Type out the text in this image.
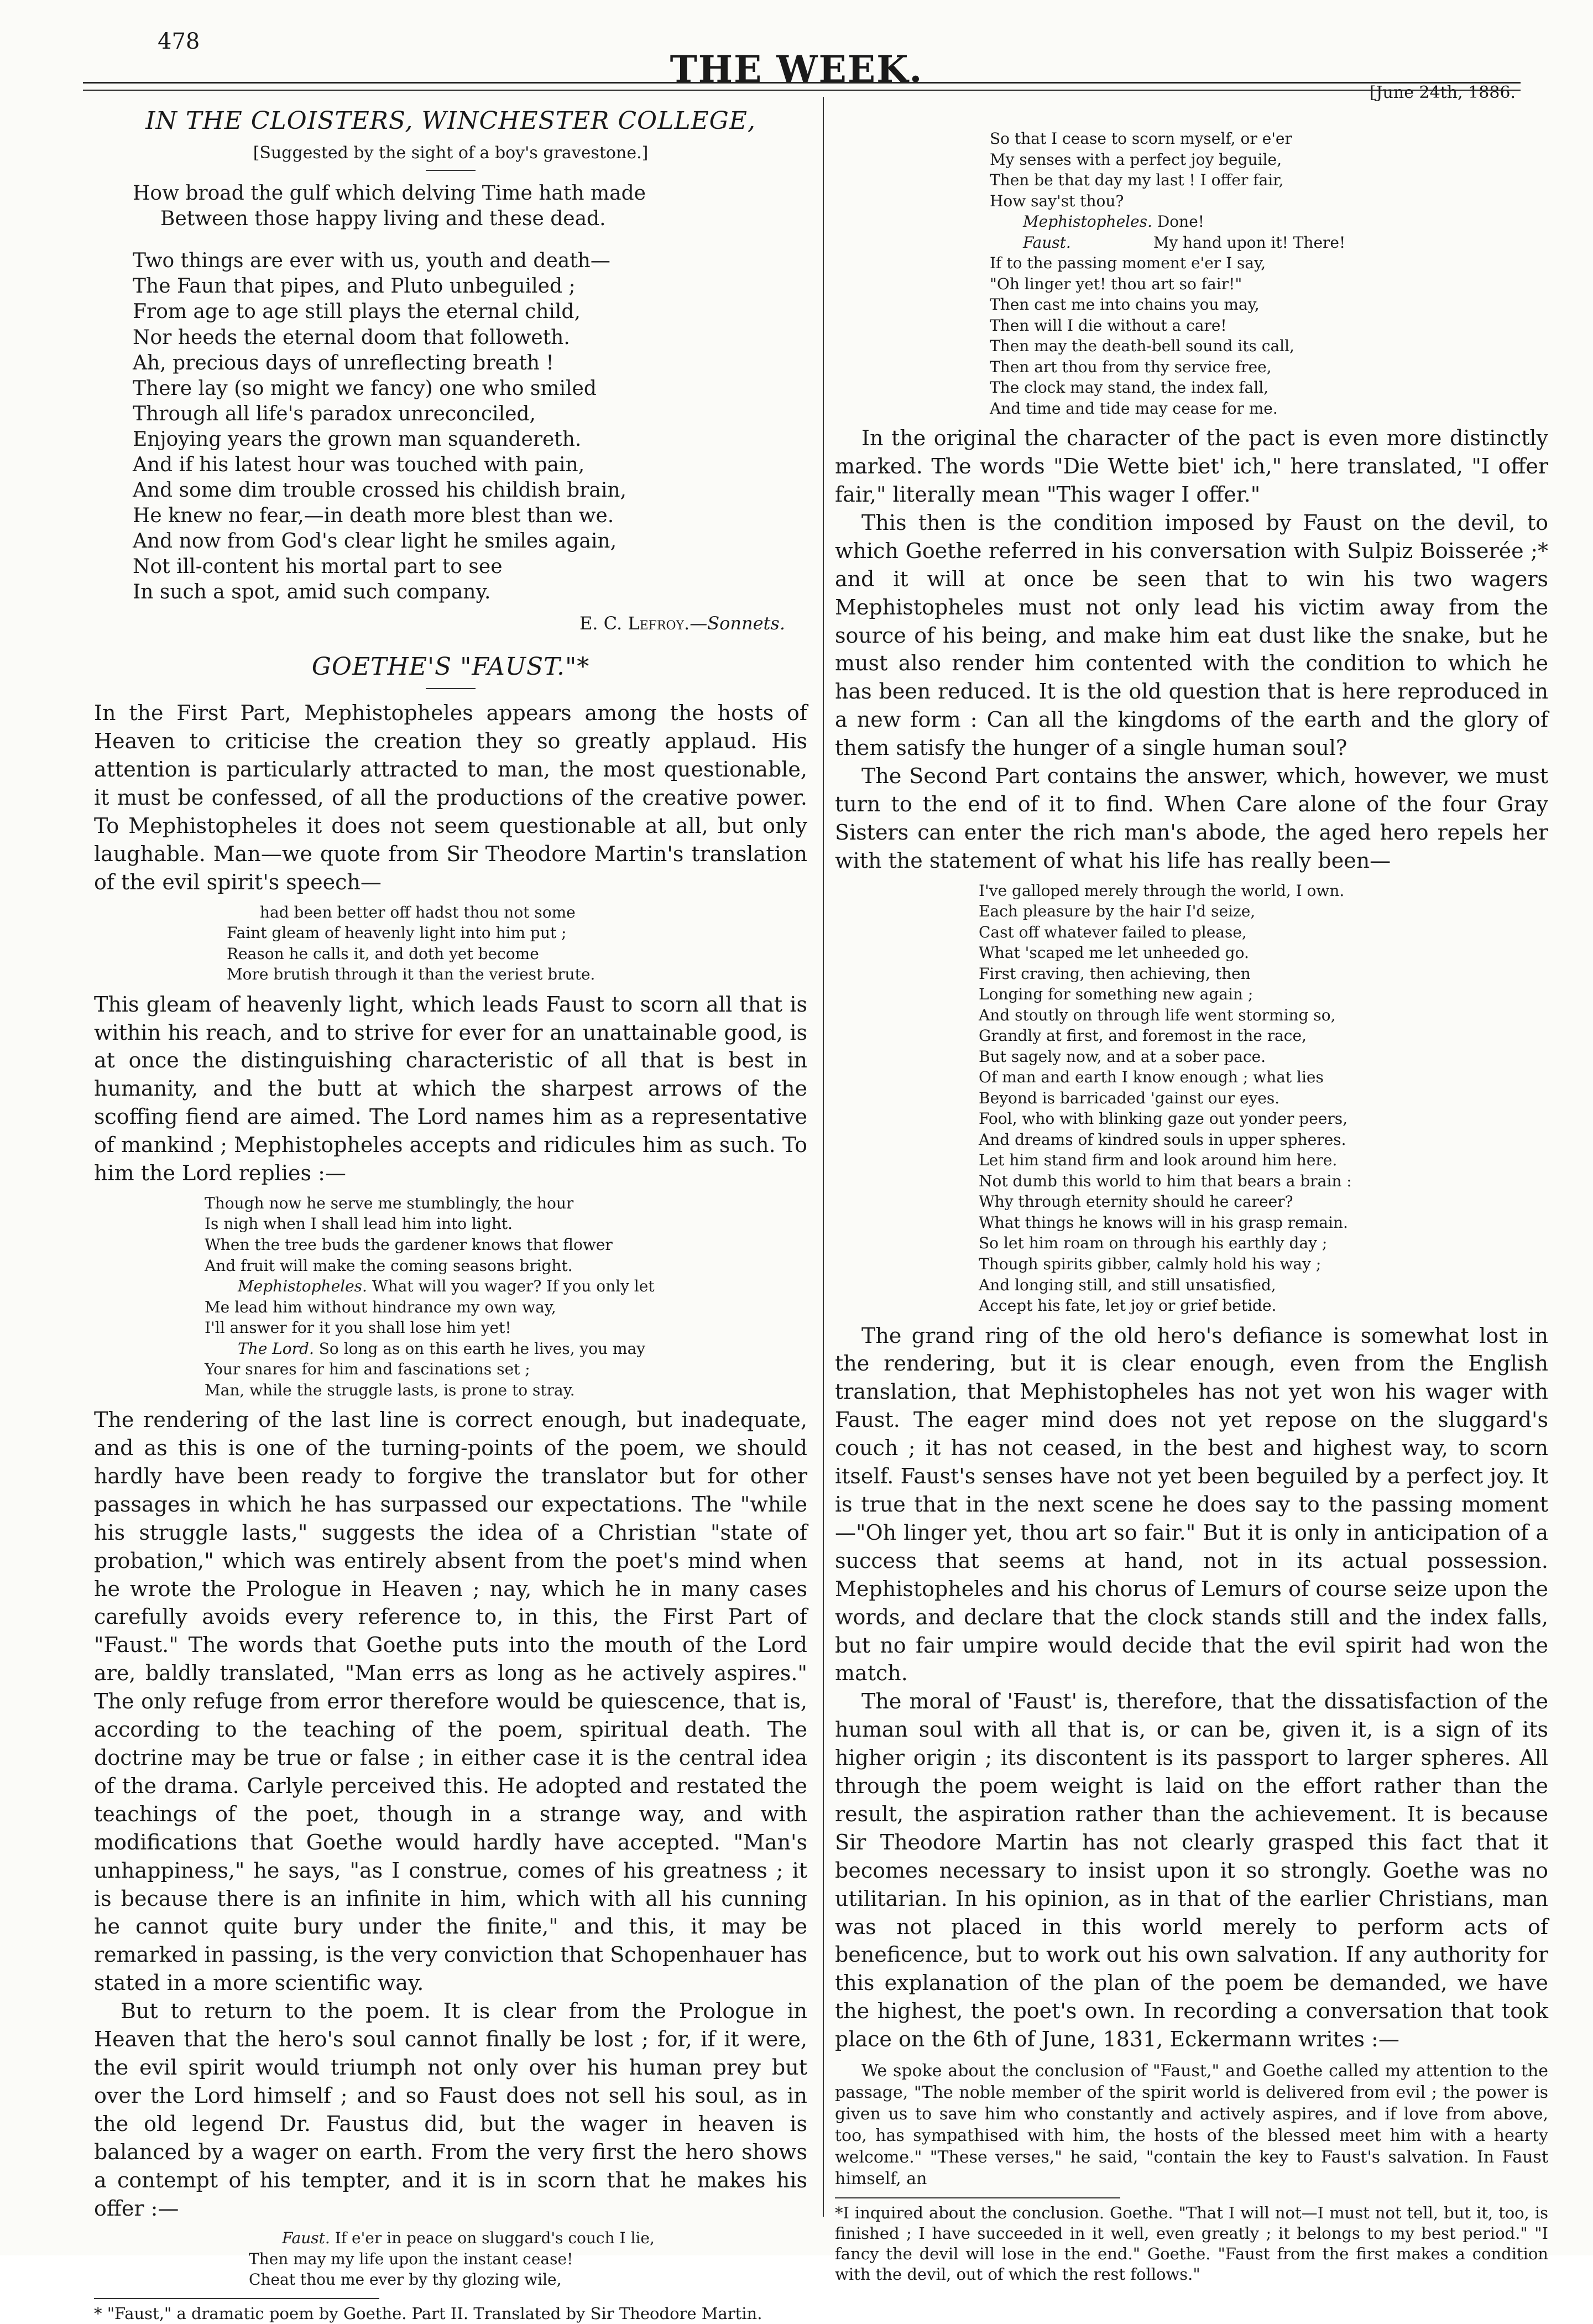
478
THE WEEK.
[June 24th, 1886.
IN THE CLOISTERS, WINCHESTER COLLEGE,
[Suggested by the sight of a boy's gravestone.]
How broad the gulf which delving Time hath made
Between those happy living and these dead.
Two things are ever with us, youth and death—
The Faun that pipes, and Pluto unbeguiled ;
From age to age still plays the eternal child,
Nor heeds the eternal doom that followeth.
Ah, precious days of unreflecting breath !
There lay (so might we fancy) one who smiled
Through all life's paradox unreconciled,
Enjoying years the grown man squandereth.
And if his latest hour was touched with pain,
And some dim trouble crossed his childish brain,
He knew no fear,—in death more blest than we.
And now from God's clear light he smiles again,
Not ill-content his mortal part to see
In such a spot, amid such company.
E. C. Lefroy.—Sonnets.
GOETHE'S "FAUST."*

In the First Part, Mephistopheles appears among the hosts of Heaven to criticise the creation they so greatly applaud. His attention is particularly attracted to man, the most questionable, it must be confessed, of all the productions of the creative power. To Mephistopheles it does not seem questionable at all, but only laughable. Man—we quote from Sir Theodore Martin's translation of the evil spirit's speech—

had been better off hadst thou not some
Faint gleam of heavenly light into him put ;
Reason he calls it, and doth yet become
More brutish through it than the veriest brute.

This gleam of heavenly light, which leads Faust to scorn all that is within his reach, and to strive for ever for an unattainable good, is at once the distinguishing characteristic of all that is best in humanity, and the butt at which the sharpest arrows of the scoffing fiend are aimed. The Lord names him as a representative of mankind ; Mephistopheles accepts and ridicules him as such. To him the Lord replies :—

Though now he serve me stumblingly, the hour
Is nigh when I shall lead him into light.
When the tree buds the gardener knows that flower
And fruit will make the coming seasons bright.
Mephistopheles. What will you wager? If you only let
Me lead him without hindrance my own way,
I'll answer for it you shall lose him yet!
The Lord. So long as on this earth he lives, you may
Your snares for him and fascinations set ;
Man, while the struggle lasts, is prone to stray.

The rendering of the last line is correct enough, but inadequate, and as this is one of the turning-points of the poem, we should hardly have been ready to forgive the translator but for other passages in which he has surpassed our expectations. The "while his struggle lasts," suggests the idea of a Christian "state of probation," which was entirely absent from the poet's mind when he wrote the Prologue in Heaven ; nay, which he in many cases carefully avoids every reference to, in this, the First Part of "Faust." The words that Goethe puts into the mouth of the Lord are, baldly translated, "Man errs as long as he actively aspires." The only refuge from error therefore would be quiescence, that is, according to the teaching of the poem, spiritual death. The doctrine may be true or false ; in either case it is the central idea of the drama. Carlyle perceived this. He adopted and restated the teachings of the poet, though in a strange way, and with modifications that Goethe would hardly have accepted. "Man's unhappiness," he says, "as I construe, comes of his greatness ; it is because there is an infinite in him, which with all his cunning he cannot quite bury under the finite," and this, it may be remarked in passing, is the very conviction that Schopenhauer has stated in a more scientific way.

But to return to the poem. It is clear from the Prologue in Heaven that the hero's soul cannot finally be lost ; for, if it were, the evil spirit would triumph not only over his human prey but over the Lord himself ; and so Faust does not sell his soul, as in the old legend Dr. Faustus did, but the wager in heaven is balanced by a wager on earth. From the very first the hero shows a contempt of his tempter, and it is in scorn that he makes his offer :—

Faust. If e'er in peace on sluggard's couch I lie,
Then may my life upon the instant cease!
Cheat thou me ever by thy glozing wile,

* "Faust," a dramatic poem by Goethe. Part II. Translated by Sir Theodore Martin.

So that I cease to scorn myself, or e'er
My senses with a perfect joy beguile,
Then be that day my last ! I offer fair,
How say'st thou?
Mephistopheles. Done!
Faust.	My hand upon it! There!
If to the passing moment e'er I say,
"Oh linger yet! thou art so fair!"
Then cast me into chains you may,
Then will I die without a care!
Then may the death-bell sound its call,
Then art thou from thy service free,
The clock may stand, the index fall,
And time and tide may cease for me.

In the original the character of the pact is even more distinctly marked. The words "Die Wette biet' ich," here translated, "I offer fair," literally mean "This wager I offer."

This then is the condition imposed by Faust on the devil, to which Goethe referred in his conversation with Sulpiz Boisserée ;* and it will at once be seen that to win his two wagers Mephistopheles must not only lead his victim away from the source of his being, and make him eat dust like the snake, but he must also render him contented with the condition to which he has been reduced. It is the old question that is here reproduced in a new form : Can all the kingdoms of the earth and the glory of them satisfy the hunger of a single human soul?

The Second Part contains the answer, which, however, we must turn to the end of it to find. When Care alone of the four Gray Sisters can enter the rich man's abode, the aged hero repels her with the statement of what his life has really been—

I've galloped merely through the world, I own.
Each pleasure by the hair I'd seize,
Cast off whatever failed to please,
What 'scaped me let unheeded go.
First craving, then achieving, then
Longing for something new again ;
And stoutly on through life went storming so,
Grandly at first, and foremost in the race,
But sagely now, and at a sober pace.
Of man and earth I know enough ; what lies
Beyond is barricaded 'gainst our eyes.
Fool, who with blinking gaze out yonder peers,
And dreams of kindred souls in upper spheres.
Let him stand firm and look around him here.
Not dumb this world to him that bears a brain :
Why through eternity should he career?
What things he knows will in his grasp remain.
So let him roam on through his earthly day ;
Though spirits gibber, calmly hold his way ;
And longing still, and still unsatisfied,
Accept his fate, let joy or grief betide.

The grand ring of the old hero's defiance is somewhat lost in the rendering, but it is clear enough, even from the English translation, that Mephistopheles has not yet won his wager with Faust. The eager mind does not yet repose on the sluggard's couch ; it has not ceased, in the best and highest way, to scorn itself. Faust's senses have not yet been beguiled by a perfect joy. It is true that in the next scene he does say to the passing moment—"Oh linger yet, thou art so fair." But it is only in anticipation of a success that seems at hand, not in its actual possession. Mephistopheles and his chorus of Lemurs of course seize upon the words, and declare that the clock stands still and the index falls, but no fair umpire would decide that the evil spirit had won the match.

The moral of 'Faust' is, therefore, that the dissatisfaction of the human soul with all that is, or can be, given it, is a sign of its higher origin ; its discontent is its passport to larger spheres. All through the poem weight is laid on the effort rather than the result, the aspiration rather than the achievement. It is because Sir Theodore Martin has not clearly grasped this fact that it becomes necessary to insist upon it so strongly. Goethe was no utilitarian. In his opinion, as in that of the earlier Christians, man was not placed in this world merely to perform acts of beneficence, but to work out his own salvation. If any authority for this explanation of the plan of the poem be demanded, we have the highest, the poet's own. In recording a conversation that took place on the 6th of June, 1831, Eckermann writes :—

We spoke about the conclusion of "Faust," and Goethe called my attention to the passage, "The noble member of the spirit world is delivered from evil ; the power is given us to save him who constantly and actively aspires, and if love from above, too, has sympathised with him, the hosts of the blessed meet him with a hearty welcome." "These verses," he said, "contain the key to Faust's salvation. In Faust himself, an

*I inquired about the conclusion. Goethe. "That I will not—I must not tell, but it, too, is finished ; I have succeeded in it well, even greatly ; it belongs to my best period." "I fancy the devil will lose in the end." Goethe. "Faust from the first makes a condition with the devil, out of which the rest follows."
